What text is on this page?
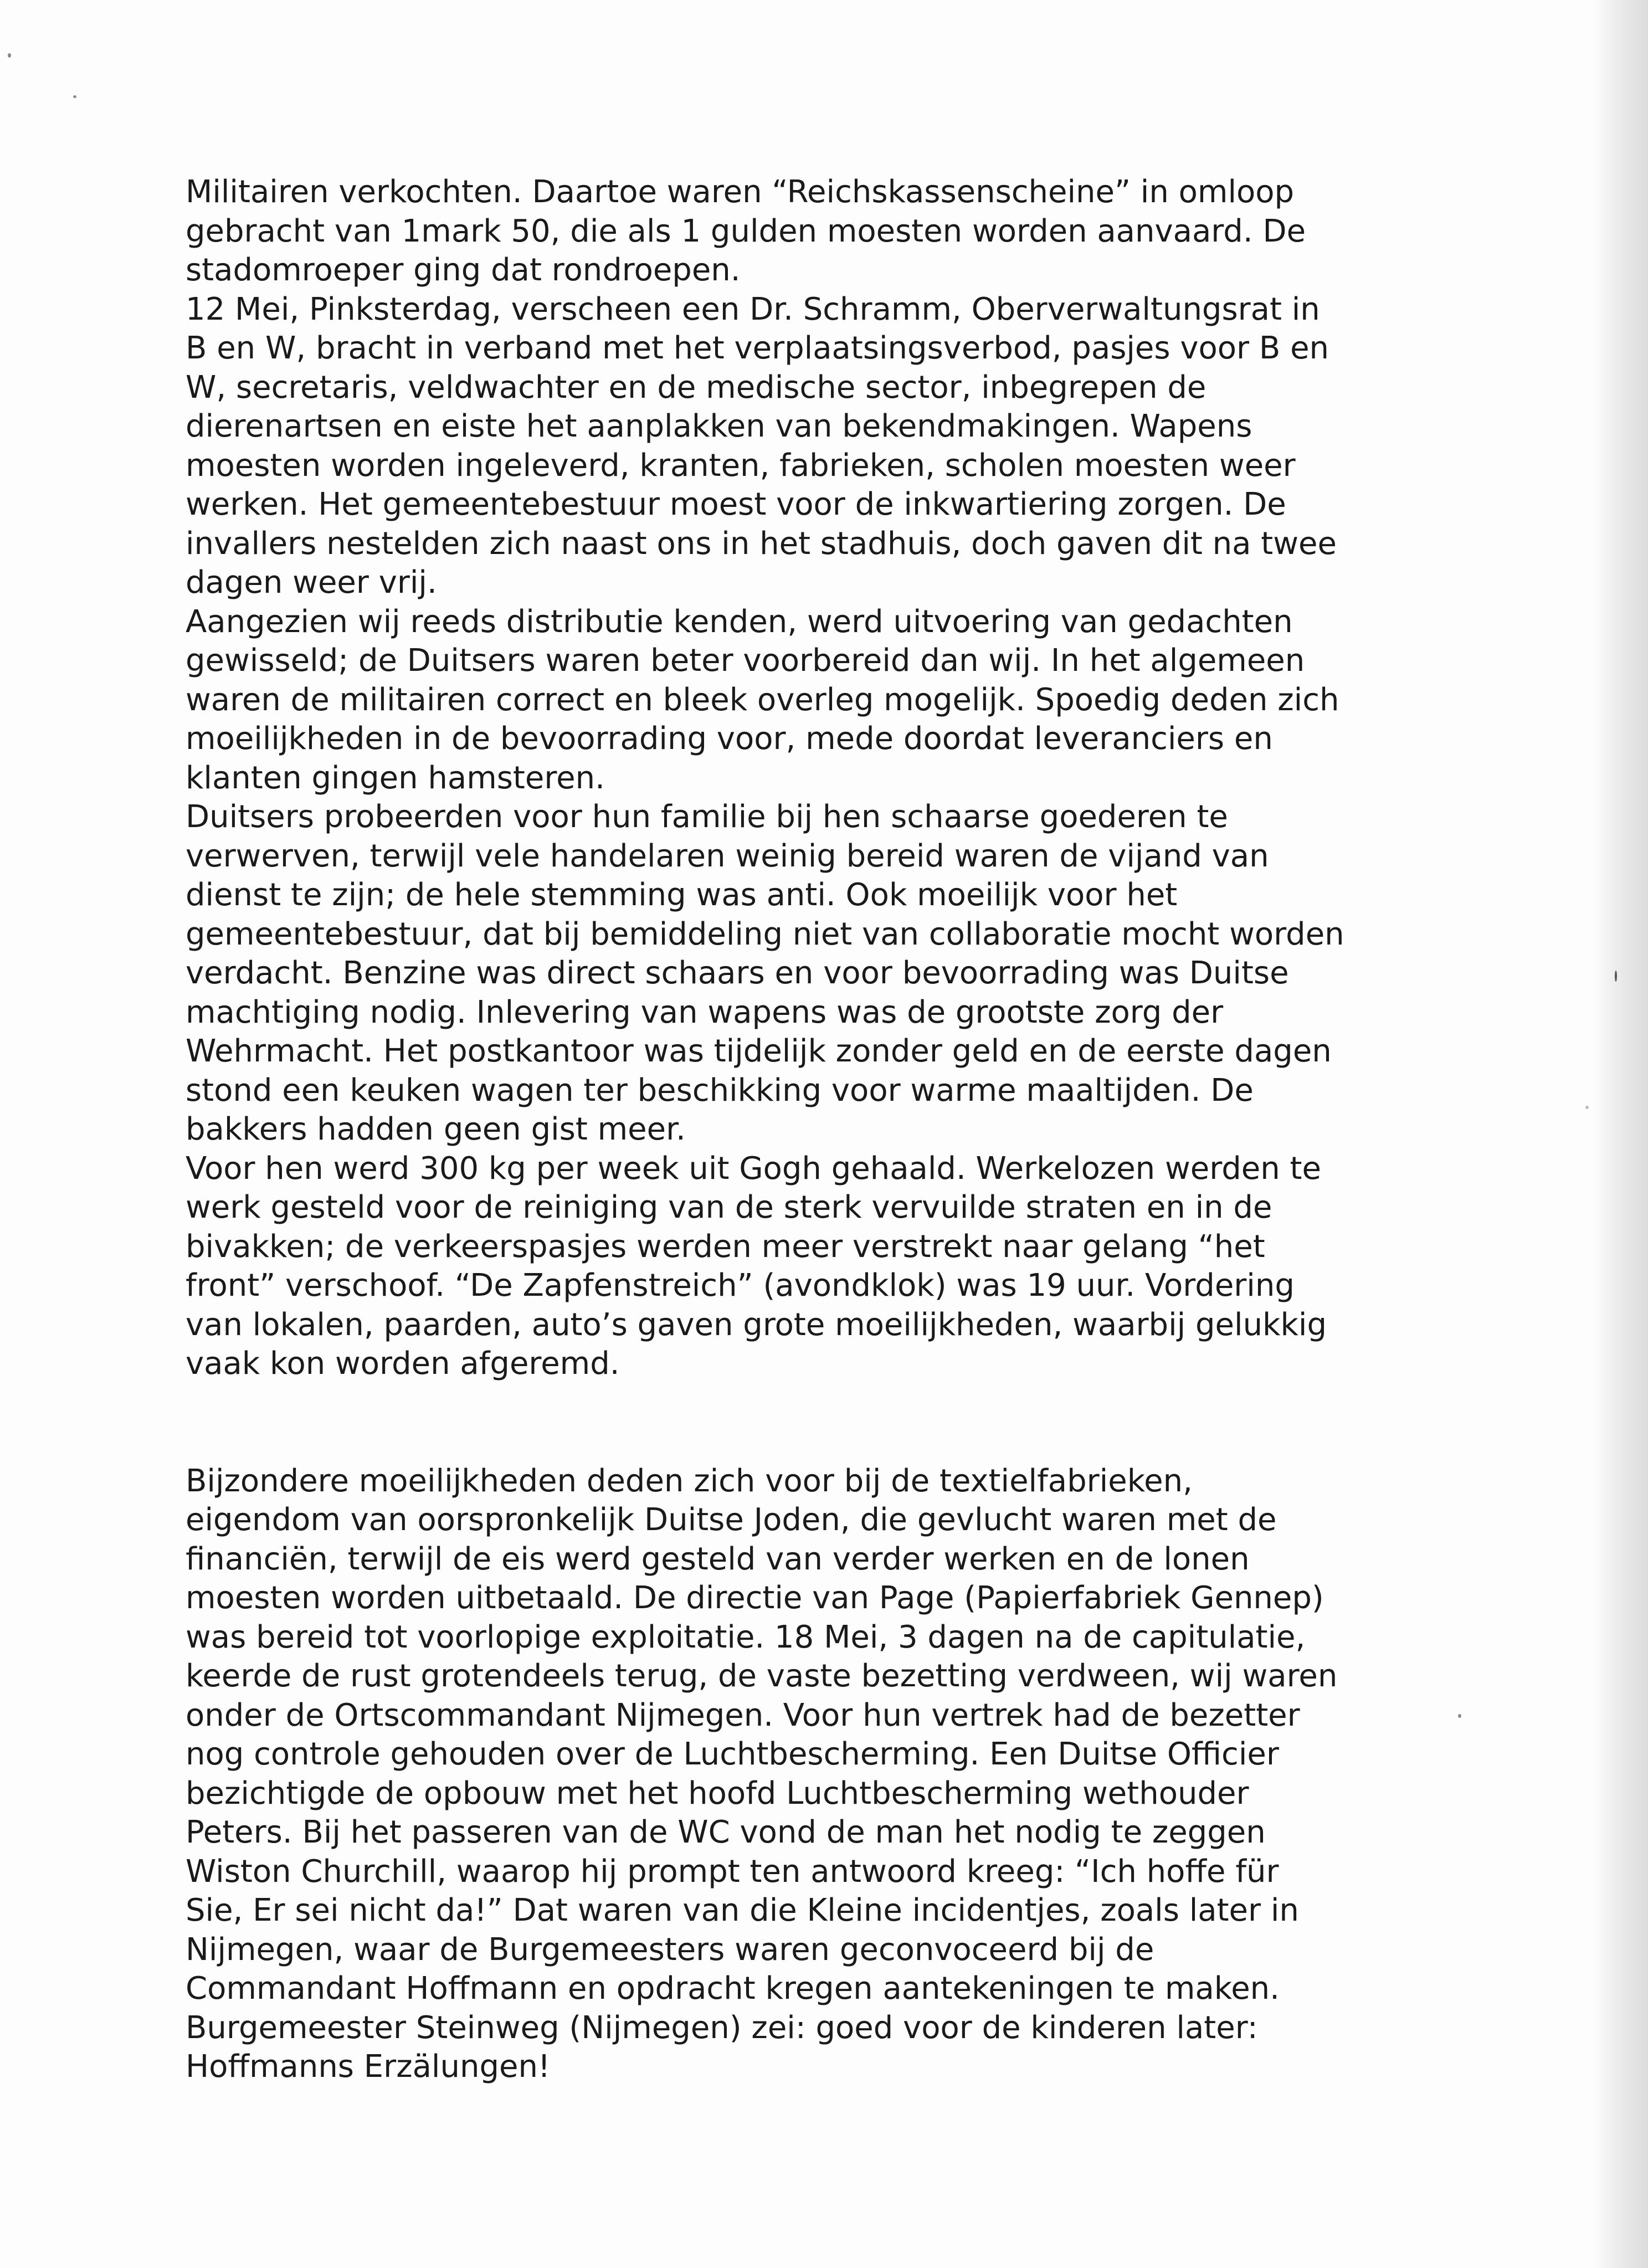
Militairen verkochten. Daartoe waren “Reichskassenscheine” in omloop
gebracht van 1mark 50, die als 1 gulden moesten worden aanvaard. De
stadomroeper ging dat rondroepen.
12 Mei, Pinksterdag, verscheen een Dr. Schramm, Oberverwaltungsrat in
B en W, bracht in verband met het verplaatsingsverbod, pasjes voor B en
W, secretaris, veldwachter en de medische sector, inbegrepen de
dierenartsen en eiste het aanplakken van bekendmakingen. Wapens
moesten worden ingeleverd, kranten, fabrieken, scholen moesten weer
werken. Het gemeentebestuur moest voor de inkwartiering zorgen. De
invallers nestelden zich naast ons in het stadhuis, doch gaven dit na twee
dagen weer vrij.
Aangezien wij reeds distributie kenden, werd uitvoering van gedachten
gewisseld; de Duitsers waren beter voorbereid dan wij. In het algemeen
waren de militairen correct en bleek overleg mogelijk. Spoedig deden zich
moeilijkheden in de bevoorrading voor, mede doordat leveranciers en
klanten gingen hamsteren.
Duitsers probeerden voor hun familie bij hen schaarse goederen te
verwerven, terwijl vele handelaren weinig bereid waren de vijand van
dienst te zijn; de hele stemming was anti. Ook moeilijk voor het
gemeentebestuur, dat bij bemiddeling niet van collaboratie mocht worden
verdacht. Benzine was direct schaars en voor bevoorrading was Duitse
machtiging nodig. Inlevering van wapens was de grootste zorg der
Wehrmacht. Het postkantoor was tijdelijk zonder geld en de eerste dagen
stond een keuken wagen ter beschikking voor warme maaltijden. De
bakkers hadden geen gist meer.
Voor hen werd 300 kg per week uit Gogh gehaald. Werkelozen werden te
werk gesteld voor de reiniging van de sterk vervuilde straten en in de
bivakken; de verkeerspasjes werden meer verstrekt naar gelang “het
front” verschoof. “De Zapfenstreich” (avondklok) was 19 uur. Vordering
van lokalen, paarden, auto’s gaven grote moeilijkheden, waarbij gelukkig
vaak kon worden afgeremd.
Bijzondere moeilijkheden deden zich voor bij de textielfabrieken,
eigendom van oorspronkelijk Duitse Joden, die gevlucht waren met de
financiën, terwijl de eis werd gesteld van verder werken en de lonen
moesten worden uitbetaald. De directie van Page (Papierfabriek Gennep)
was bereid tot voorlopige exploitatie. 18 Mei, 3 dagen na de capitulatie,
keerde de rust grotendeels terug, de vaste bezetting verdween, wij waren
onder de Ortscommandant Nijmegen. Voor hun vertrek had de bezetter
nog controle gehouden over de Luchtbescherming. Een Duitse Officier
bezichtigde de opbouw met het hoofd Luchtbescherming wethouder
Peters. Bij het passeren van de WC vond de man het nodig te zeggen
Wiston Churchill, waarop hij prompt ten antwoord kreeg: “Ich hoffe für
Sie, Er sei nicht da!” Dat waren van die Kleine incidentjes, zoals later in
Nijmegen, waar de Burgemeesters waren geconvoceerd bij de
Commandant Hoffmann en opdracht kregen aantekeningen te maken.
Burgemeester Steinweg (Nijmegen) zei: goed voor de kinderen later:
Hoffmanns Erzälungen!
